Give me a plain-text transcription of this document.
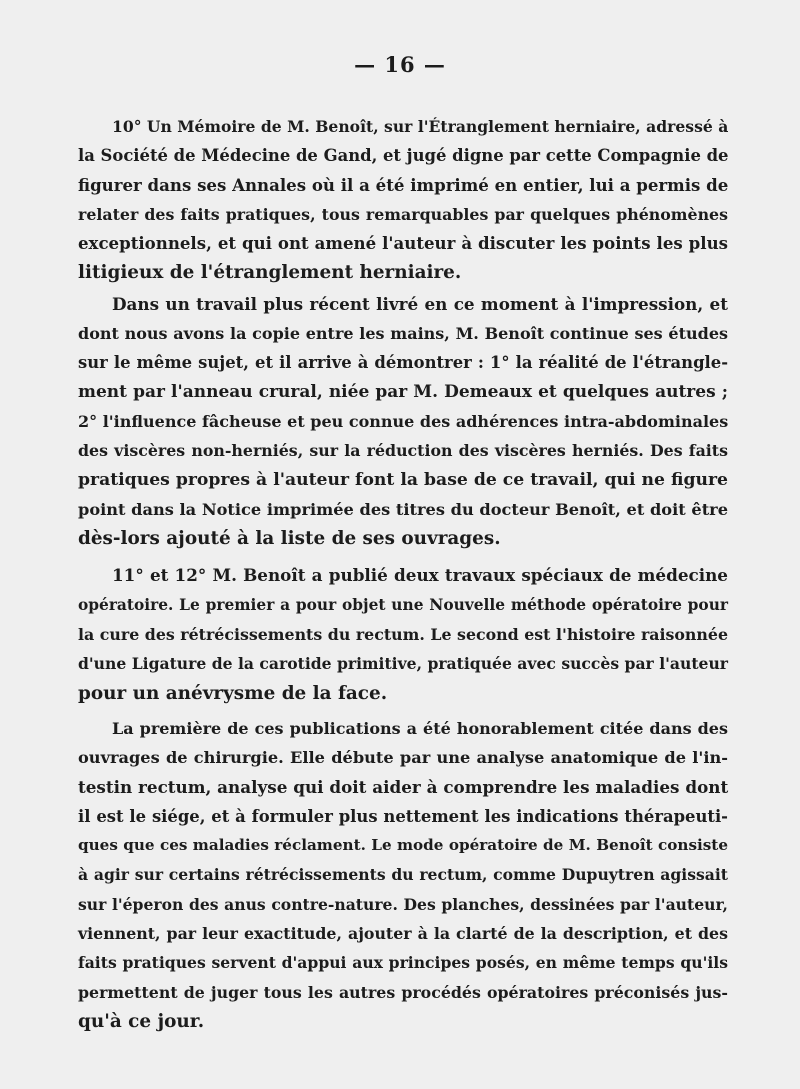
— 16 —
10° Un Mémoire de M. Benoît, sur l'Étranglement herniaire, adressé à
la Société de Médecine de Gand, et jugé digne par cette Compagnie de
figurer dans ses Annales où il a été imprimé en entier, lui a permis de
relater des faits pratiques, tous remarquables par quelques phénomènes
exceptionnels, et qui ont amené l'auteur à discuter les points les plus
litigieux de l'étranglement herniaire.
Dans un travail plus récent livré en ce moment à l'impression, et
dont nous avons la copie entre les mains, M. Benoît continue ses études
sur le même sujet, et il arrive à démontrer : 1° la réalité de l'étrangle-
ment par l'anneau crural, niée par M. Demeaux et quelques autres ;
2° l'influence fâcheuse et peu connue des adhérences intra-abdominales
des viscères non-herniés, sur la réduction des viscères herniés. Des faits
pratiques propres à l'auteur font la base de ce travail, qui ne figure
point dans la Notice imprimée des titres du docteur Benoît, et doit être
dès-lors ajouté à la liste de ses ouvrages.
11° et 12° M. Benoît a publié deux travaux spéciaux de médecine
opératoire. Le premier a pour objet une Nouvelle méthode opératoire pour
la cure des rétrécissements du rectum. Le second est l'histoire raisonnée
d'une Ligature de la carotide primitive, pratiquée avec succès par l'auteur
pour un anévrysme de la face.
La première de ces publications a été honorablement citée dans des
ouvrages de chirurgie. Elle débute par une analyse anatomique de l'in-
testin rectum, analyse qui doit aider à comprendre les maladies dont
il est le siége, et à formuler plus nettement les indications thérapeuti-
ques que ces maladies réclament. Le mode opératoire de M. Benoît consiste
à agir sur certains rétrécissements du rectum, comme Dupuytren agissait
sur l'éperon des anus contre-nature. Des planches, dessinées par l'auteur,
viennent, par leur exactitude, ajouter à la clarté de la description, et des
faits pratiques servent d'appui aux principes posés, en même temps qu'ils
permettent de juger tous les autres procédés opératoires préconisés jus-
qu'à ce jour.
